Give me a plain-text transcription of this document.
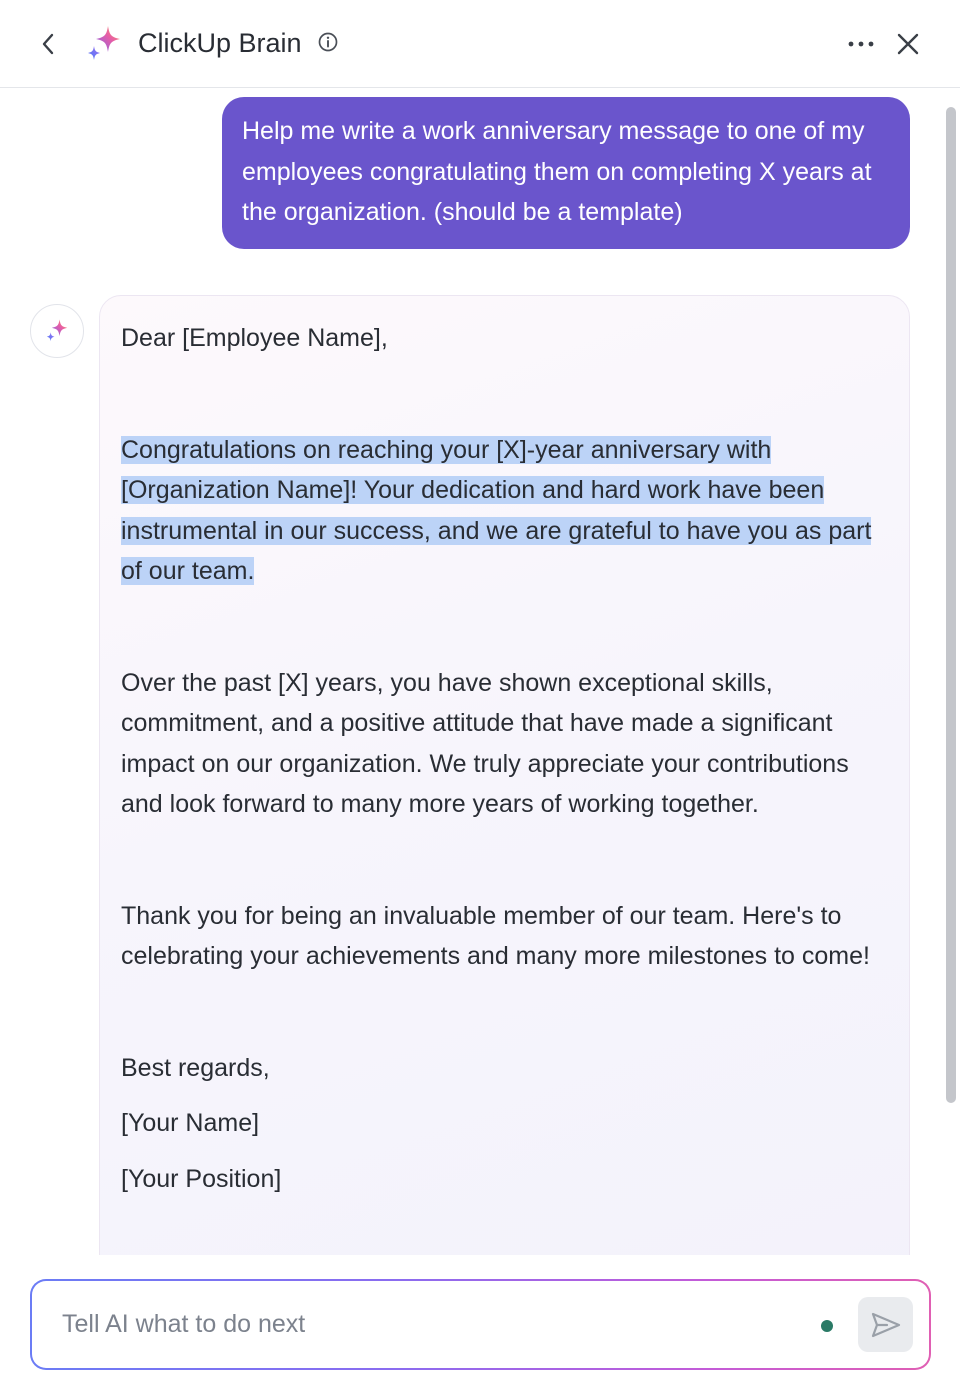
ClickUp Brain
Help me write a work anniversary message to one of my employees congratulating them on completing X years at the organization. (should be a template)

Dear [Employee Name],

Congratulations on reaching your [X]-year anniversary with [Organization Name]! Your dedication and hard work have been instrumental in our success, and we are grateful to have you as part of our team.

Over the past [X] years, you have shown exceptional skills, commitment, and a positive attitude that have made a significant impact on our organization. We truly appreciate your contributions and look forward to many more years of working together.

Thank you for being an invaluable member of our team. Here's to celebrating your achievements and many more milestones to come!

Best regards,

[Your Name]

[Your Position]

Tell AI what to do next
